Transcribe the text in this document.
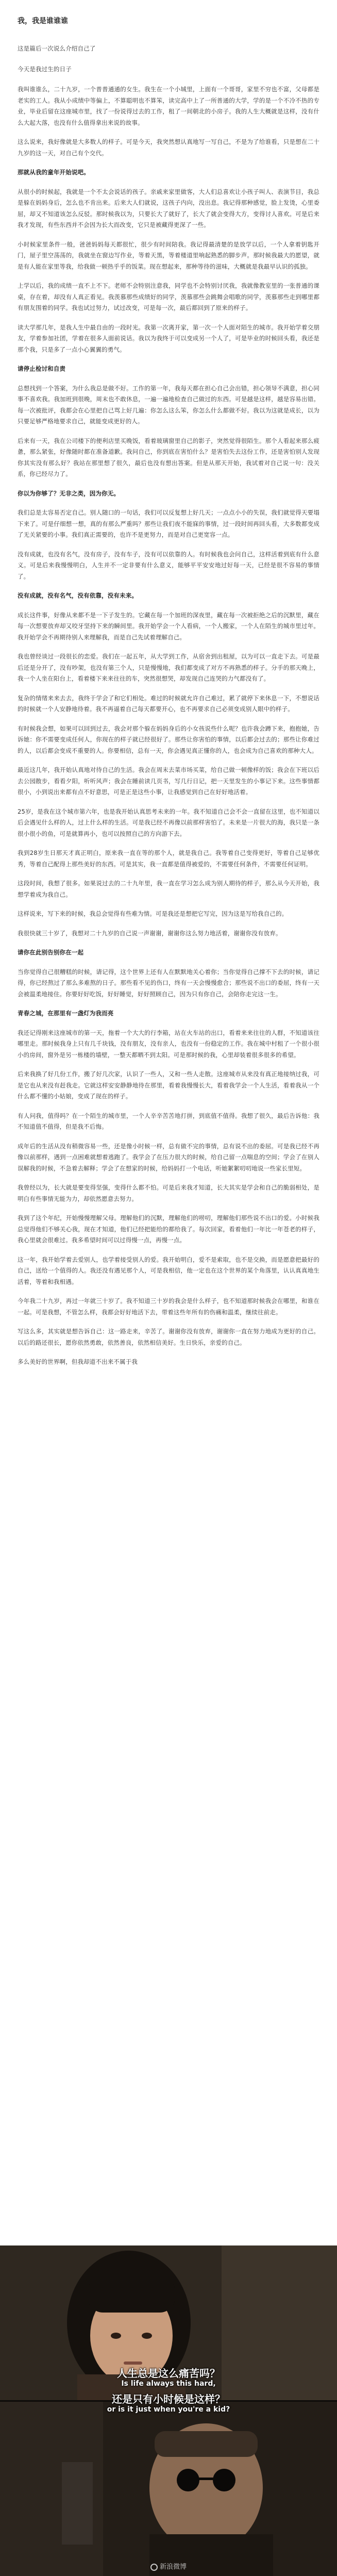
我，我是谁谁谁

这是篇后一次说么介绍自己了

今天是我过生的日子

我叫谁谁么，二十九岁，一个普普通通的女生。我生在一个小城里，上面有一个哥哥，家里不穷也不富，父母都是老实的工人。我从小成绩中等偏上，不算聪明也不算笨，读完高中上了一所普通的大学，学的是一个不冷不热的专业，毕业后留在这座城市里，找了一份说得过去的工作，租了一间朝北的小房子。我的人生大概就是这样，没有什么大起大落，也没有什么值得拿出来说的故事。

这么说来，我好像就是大多数人的样子。可是今天，我突然想认真地写一写自己，不是为了给谁看，只是想在二十九岁的这一天，对自己有个交代。

那就从我的童年开始说吧。

从很小的时候起，我就是一个不太会说话的孩子。亲戚来家里做客，大人们总喜欢让小孩子叫人、表演节目，我总是躲在妈妈身后，怎么也不肯出来。后来大人们就说，这孩子内向，没出息。我记得那种感觉，脸上发烫，心里委屈，却又不知道该怎么反驳。那时候我以为，只要长大了就好了，长大了就会变得大方，变得讨人喜欢。可是后来我才发现，有些东西并不会因为长大而改变，它只是被藏得更深了一些。

小时候家里条件一般，爸爸妈妈每天都很忙，很少有时间陪我。我记得最清楚的是放学以后，一个人拿着钥匙开门，屋子里空荡荡的，我就坐在窗边写作业，等着天黑，等着楼道里响起熟悉的脚步声。那时候我最大的愿望，就是有人能在家里等我，给我做一顿热乎乎的饭菜。现在想起来，那种等待的滋味，大概就是我最早认识的孤独。

上学以后，我的成绩一直不上不下。老师不会特别注意我，同学也不会特别讨厌我，我就像教室里的一张普通的课桌，存在着，却没有人真正看见。我羡慕那些成绩好的同学，羡慕那些会跳舞会唱歌的同学，羡慕那些走到哪里都有朋友围着的同学。我也试过努力，试过改变，可是每一次，最后都回到了原来的样子。

读大学那几年，是我人生中最自由的一段时光。我第一次离开家，第一次一个人面对陌生的城市。我开始学着交朋友，学着参加社团，学着在很多人面前说话。我以为我终于可以变成另一个人了，可是毕业的时候回头看，我还是那个我，只是多了一点小心翼翼的勇气。

请停止检讨和自责

总想找到一个答案，为什么我总是做不好。工作的第一年，我每天都在担心自己会出错，担心领导不满意，担心同事不喜欢我。我加班到很晚，周末也不敢休息，一遍一遍地检查自己做过的东西。可是越是这样，越是容易出错。每一次被批评，我都会在心里把自己骂上好几遍：你怎么这么笨，你怎么什么都做不好。我以为这就是成长，以为只要足够严格地要求自己，就能变成更好的人。

后来有一天，我在公司楼下的便利店里买晚饭，看着玻璃窗里自己的影子，突然觉得很陌生。那个人看起来那么疲惫，那么紧张，好像随时都在准备道歉。我问自己，你到底在害怕什么？是害怕失去这份工作，还是害怕别人发现你其实没有那么好？我站在那里想了很久，最后也没有想出答案。但是从那天开始，我试着对自己说一句：没关系，你已经尽力了。

你以为你够了？无非之类，因为你无。

我们总是太容易否定自己。别人随口的一句话，我们可以反复想上好几天；一点点小小的失误，我们就觉得天要塌下来了。可是仔细想一想，真的有那么严重吗？那些让我们夜不能寐的事情，过一段时间再回头看，大多数都变成了无关紧要的小事。我们真正需要的，也许不是更努力，而是对自己更宽容一点。

没有成就，也没有名气，没有房子，没有车子，没有可以依靠的人。有时候我也会问自己，这样活着到底有什么意义。可是后来我慢慢明白，人生并不一定非要有什么意义，能够平平安安地过好每一天，已经是很不容易的事情了。

没有成就，没有名气，没有依靠，没有未来。

成长这件事，好像从来都不是一下子发生的。它藏在每一个加班的深夜里，藏在每一次被拒绝之后的沉默里，藏在每一次想要放弃却又咬牙坚持下来的瞬间里。我开始学会一个人看病，一个人搬家，一个人在陌生的城市里过年。我开始学会不再期待别人来理解我，而是自己先试着理解自己。

我也曾经谈过一段很长的恋爱。我们在一起五年，从大学到工作，从宿舍到出租屋，以为可以一直走下去。可是最后还是分开了，没有吵架，也没有第三个人，只是慢慢地，我们都变成了对方不再熟悉的样子。分手的那天晚上，我一个人坐在阳台上，看着楼下来来往往的车，突然很想哭，却发现自己连哭的力气都没有了。

复杂的情绪来来去去，我终于学会了和它们相处。难过的时候就允许自己难过，累了就停下来休息一下，不想说话的时候就一个人安静地待着。我不再逼着自己每天都要开心，也不再要求自己必须变成别人眼中的样子。

有时候我会想，如果可以回到过去，我会对那个躲在妈妈身后的小女孩说些什么呢？也许我会蹲下来，抱抱她，告诉她：你不需要变成任何人，你现在的样子就已经很好了。那些让你害怕的事情，以后都会过去的；那些让你难过的人，以后都会变成不重要的人。你要相信，总有一天，你会遇见真正懂你的人，也会成为自己喜欢的那种大人。

最近这几年，我开始认真地对待自己的生活。我会在周末去菜市场买菜，给自己做一顿像样的饭；我会在下班以后去公园散步，看看夕阳，听听风声；我会在睡前读几页书，写几行日记，把一天里发生的小事记下来。这些事情都很小，小到说出来都有点不好意思，可是正是这些小事，让我感觉到自己在好好地活着。

25岁，是我在这个城市第六年，也是我开始认真思考未来的一年。我不知道自己会不会一直留在这里，也不知道以后会遇见什么样的人，过上什么样的生活。可是我已经不再像以前那样害怕了。未来是一片很大的海，我只是一条很小很小的鱼，可是就算再小，也可以按照自己的方向游下去。

我到28岁生日那天才真正明白，原来我一直在等的那个人，就是我自己。我等着自己变得更好，等着自己足够优秀，等着自己配得上那些美好的东西。可是其实，我一直都是值得被爱的，不需要任何条件，不需要任何证明。

这段时间，我想了很多。如果说过去的二十九年里，我一直在学习怎么成为别人期待的样子，那么从今天开始，我想学着成为我自己。

这样说来，写下来的时候，我总会觉得有些难为情。可是我还是想把它写完，因为这是写给我自己的。

我很快就三十岁了，我想对二十九岁的自己说一声谢谢，谢谢你这么努力地活着，谢谢你没有放弃。

请你在此别告别你在一起

当你觉得自己很糟糕的时候，请记得，这个世界上还有人在默默地关心着你；当你觉得自己撑不下去的时候，请记得，你已经熬过了那么多难熬的日子。那些看不见的伤口，终有一天会慢慢愈合；那些说不出口的委屈，终有一天会被温柔地接住。你要好好吃饭，好好睡觉，好好照顾自己，因为只有你自己，会陪你走完这一生。

青春之城，在那里有一盏灯为我而亮

我还记得刚来这座城市的第一天，拖着一个大大的行李箱，站在火车站的出口，看着来来往往的人群，不知道该往哪里走。那时候我身上只有几千块钱，没有朋友，没有亲人，也没有一份稳定的工作。我在城中村租了一个很小很小的房间，窗外是另一栋楼的墙壁，一整天都晒不到太阳。可是那时候的我，心里却装着很多很多的希望。

后来我换了好几份工作，搬了好几次家，认识了一些人，又和一些人走散。这座城市从来没有真正地接纳过我，可是它也从来没有赶我走。它就这样安安静静地待在那里，看着我慢慢长大，看着我学会一个人生活，看着我从一个什么都不懂的小姑娘，变成了现在的样子。

有人问我，值得吗？在一个陌生的城市里，一个人辛辛苦苦地打拼，到底值不值得。我想了很久，最后告诉他：我不知道值不值得，但是我不后悔。

成年后的生活从没有稍微容易一些，还是像小时候一样，总有做不完的事情，总有说不出的委屈。可是我已经不再像以前那样，遇到一点困难就想着逃跑了。我学会了在压力很大的时候，给自己留一点喘息的空间；学会了在别人误解我的时候，不急着去解释；学会了在想家的时候，给妈妈打一个电话，听她絮絮叨叨地说一些家长里短。

我曾经以为，长大就是要变得坚强，变得什么都不怕。可是后来我才知道，长大其实是学会和自己的脆弱相处，是明白有些事情无能为力，却依然愿意去努力。

我到了这个年纪，开始慢慢理解父母。理解他们的沉默，理解他们的唠叨，理解他们那些说不出口的爱。小时候我总觉得他们不够关心我，现在才知道，他们已经把能给的都给我了。每次回家，看着他们一年比一年苍老的样子，我心里就会很难过。我多希望时间可以过得慢一点，再慢一点。

这一年，我开始学着去爱别人，也学着接受别人的爱。我开始明白，爱不是索取，也不是交换，而是愿意把最好的自己，送给一个值得的人。我还没有遇见那个人，可是我相信，他一定也在这个世界的某个角落里，认认真真地生活着，等着和我相遇。

今年我二十九岁，再过一年就三十岁了。我不知道三十岁的我会是什么样子，也不知道那时候我会在哪里，和谁在一起。可是我想，不管怎么样，我都会好好地活下去，带着这些年所有的伤痛和温柔，继续往前走。

写这么多，其实就是想告诉自己：这一路走来，辛苦了。谢谢你没有放弃，谢谢你一直在努力地成为更好的自己。以后的路还很长，愿你依然勇敢，依然善良，依然相信美好。生日快乐，亲爱的自己。

多么美好的世界啊，但我却道不出来不属于我

人生总是这么痛苦吗？
Is life always this hard,
还是只有小时候是这样？
or is it just when you're a kid?
新浪微博
